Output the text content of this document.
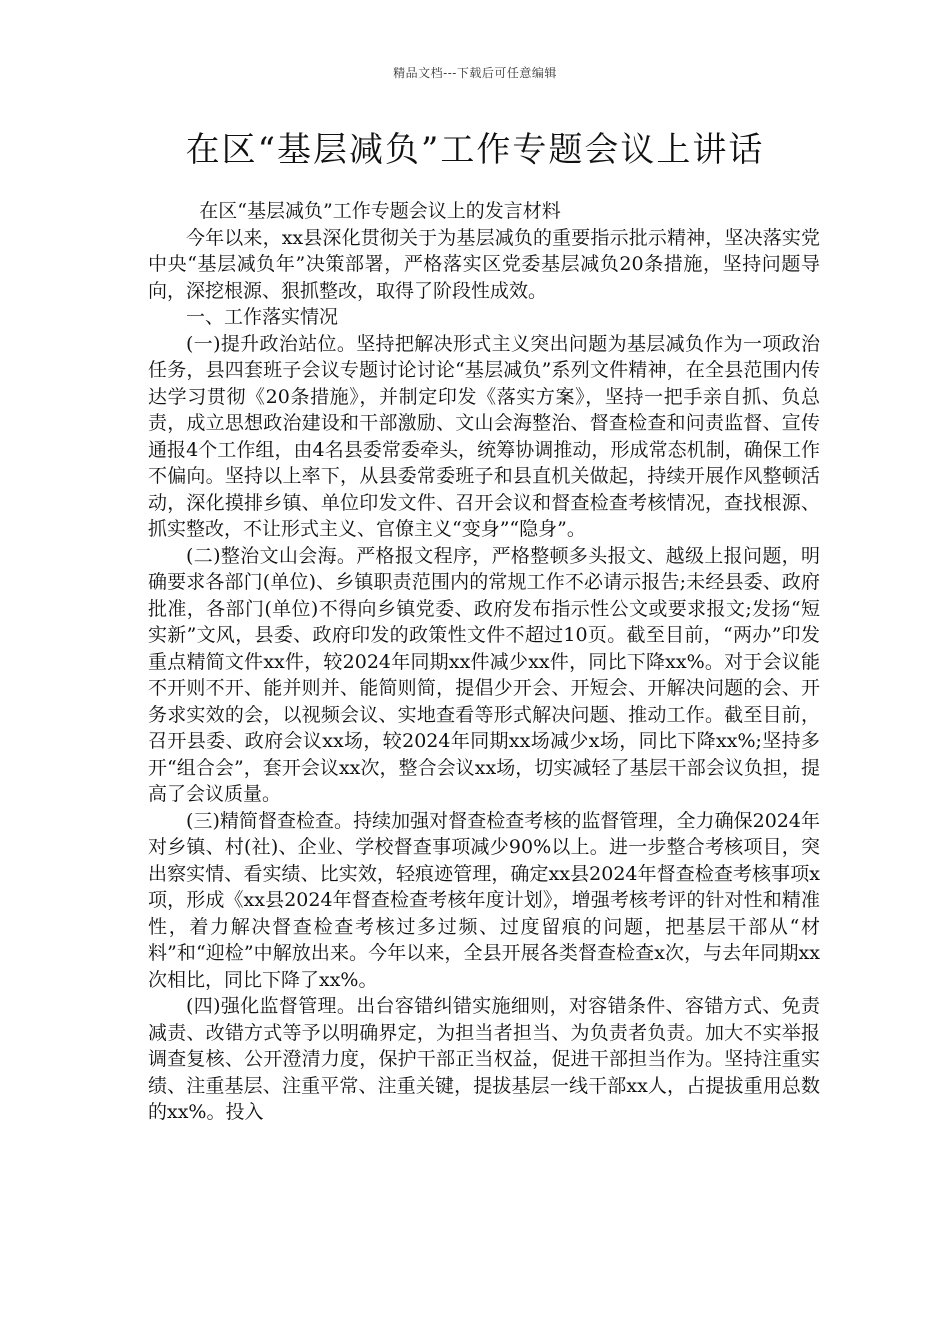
精品文档---下载后可任意编辑
在区“基层减负”工作专题会议上讲话

在区“基层减负”工作专题会议上的发言材料

今年以来，xx县深化贯彻关于为基层减负的重要指示批示精神，坚决落实党中央“基层减负年”决策部署，严格落实区党委基层减负20条措施，坚持问题导向，深挖根源、狠抓整改，取得了阶段性成效。

一、工作落实情况

(一)提升政治站位。坚持把解决形式主义突出问题为基层减负作为一项政治任务，县四套班子会议专题讨论讨论“基层减负”系列文件精神，在全县范围内传达学习贯彻《20条措施》，并制定印发《落实方案》，坚持一把手亲自抓、负总责，成立思想政治建设和干部激励、文山会海整治、督查检查和问责监督、宣传通报4个工作组，由4名县委常委牵头，统筹协调推动，形成常态机制，确保工作不偏向。坚持以上率下，从县委常委班子和县直机关做起，持续开展作风整顿活动，深化摸排乡镇、单位印发文件、召开会议和督查检查考核情况，查找根源、抓实整改，不让形式主义、官僚主义“变身”“隐身”。

(二)整治文山会海。严格报文程序，严格整顿多头报文、越级上报问题，明确要求各部门(单位)、乡镇职责范围内的常规工作不必请示报告;未经县委、政府批准，各部门(单位)不得向乡镇党委、政府发布指示性公文或要求报文;发扬“短实新”文风，县委、政府印发的政策性文件不超过10页。截至目前，“两办”印发重点精简文件xx件，较2024年同期xx件减少xx件，同比下降xx%。对于会议能不开则不开、能并则并、能简则简，提倡少开会、开短会、开解决问题的会、开务求实效的会，以视频会议、实地查看等形式解决问题、推动工作。截至目前，召开县委、政府会议xx场，较2024年同期xx场减少x场，同比下降xx%;坚持多开“组合会”，套开会议xx次，整合会议xx场，切实减轻了基层干部会议负担，提高了会议质量。

(三)精简督查检查。持续加强对督查检查考核的监督管理，全力确保2024年对乡镇、村(社)、企业、学校督查事项减少90%以上。进一步整合考核项目，突出察实情、看实绩、比实效，轻痕迹管理，确定xx县2024年督查检查考核事项x项，形成《xx县2024年督查检查考核年度计划》，增强考核考评的针对性和精准性，着力解决督查检查考核过多过频、过度留痕的问题，把基层干部从“材料”和“迎检”中解放出来。今年以来，全县开展各类督查检查x次，与去年同期xx次相比，同比下降了xx%。

(四)强化监督管理。出台容错纠错实施细则，对容错条件、容错方式、免责减责、改错方式等予以明确界定，为担当者担当、为负责者负责。加大不实举报调查复核、公开澄清力度，保护干部正当权益，促进干部担当作为。坚持注重实绩、注重基层、注重平常、注重关键，提拔基层一线干部xx人，占提拔重用总数的xx%。投入
